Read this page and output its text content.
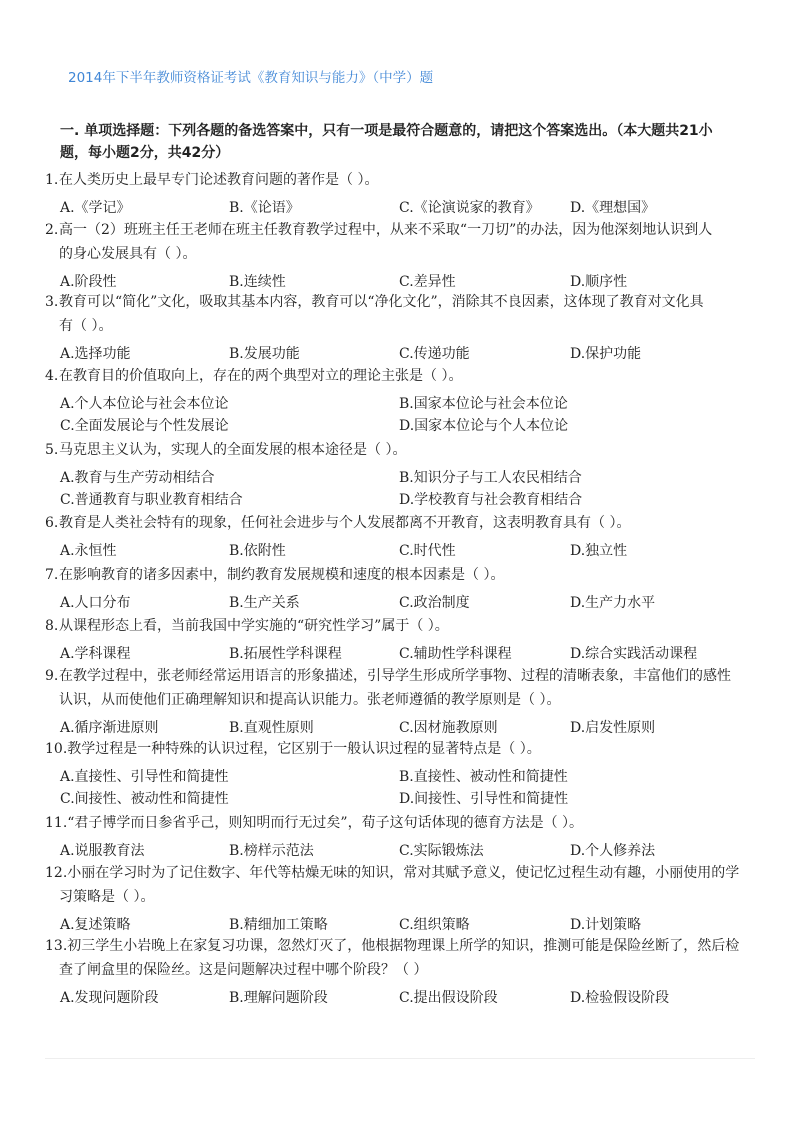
2014年下半年教师资格证考试《教育知识与能力》（中学）题
一. 单项选择题：下列各题的备选答案中，只有一项是最符合题意的，请把这个答案选出。（本大题共21小题，每小题2分，共42分）
1.在人类历史上最早专门论述教育问题的著作是（ ）。
A.《学记》	B.《论语》	C.《论演说家的教育》 D.《理想国》
2.高一（2）班班主任王老师在班主任教育教学过程中，从来不采取“一刀切”的办法，因为他深刻地认识到人
的身心发展具有（ ）。
A.阶段性	B.连续性	C.差异性	D.顺序性
3.教育可以“简化”文化，吸取其基本内容，教育可以“净化文化”，消除其不良因素，这体现了教育对文化具
有（ ）。
A.选择功能	B.发展功能	C.传递功能	D.保护功能
4.在教育目的价值取向上，存在的两个典型对立的理论主张是（ ）。
A.个人本位论与社会本位论	B.国家本位论与社会本位论
C.全面发展论与个性发展论	D.国家本位论与个人本位论
5.马克思主义认为，实现人的全面发展的根本途径是（ ）。
A.教育与生产劳动相结合	B.知识分子与工人农民相结合
C.普通教育与职业教育相结合	D.学校教育与社会教育相结合
6.教育是人类社会特有的现象，任何社会进步与个人发展都离不开教育，这表明教育具有（ ）。
A.永恒性	B.依附性	C.时代性	D.独立性
7.在影响教育的诸多因素中，制约教育发展规模和速度的根本因素是（ ）。
A.人口分布	B.生产关系	C.政治制度	D.生产力水平
8.从课程形态上看，当前我国中学实施的“研究性学习”属于（ ）。
A.学科课程	B.拓展性学科课程	C.辅助性学科课程	D.综合实践活动课程
9.在教学过程中，张老师经常运用语言的形象描述，引导学生形成所学事物、过程的清晰表象，丰富他们的感性
认识，从而使他们正确理解知识和提高认识能力。张老师遵循的教学原则是（ ）。
A.循序渐进原则	B.直观性原则	C.因材施教原则	D.启发性原则
10.教学过程是一种特殊的认识过程，它区别于一般认识过程的显著特点是（ ）。
A.直接性、引导性和简捷性	B.直接性、被动性和简捷性
C.间接性、被动性和简捷性	D.间接性、引导性和简捷性
11.“君子博学而日参省乎己，则知明而行无过矣”，荀子这句话体现的德育方法是（ ）。
A.说服教育法	B.榜样示范法	C.实际锻炼法	D.个人修养法
12.小丽在学习时为了记住数字、年代等枯燥无味的知识，常对其赋予意义，使记忆过程生动有趣，小丽使用的学
习策略是（ ）。
A.复述策略	B.精细加工策略	C.组织策略	D.计划策略
13.初三学生小岩晚上在家复习功课，忽然灯灭了，他根据物理课上所学的知识，推测可能是保险丝断了，然后检
查了闸盒里的保险丝。这是问题解决过程中哪个阶段？（ ）
A.发现问题阶段	B.理解问题阶段	C.提出假设阶段	D.检验假设阶段
